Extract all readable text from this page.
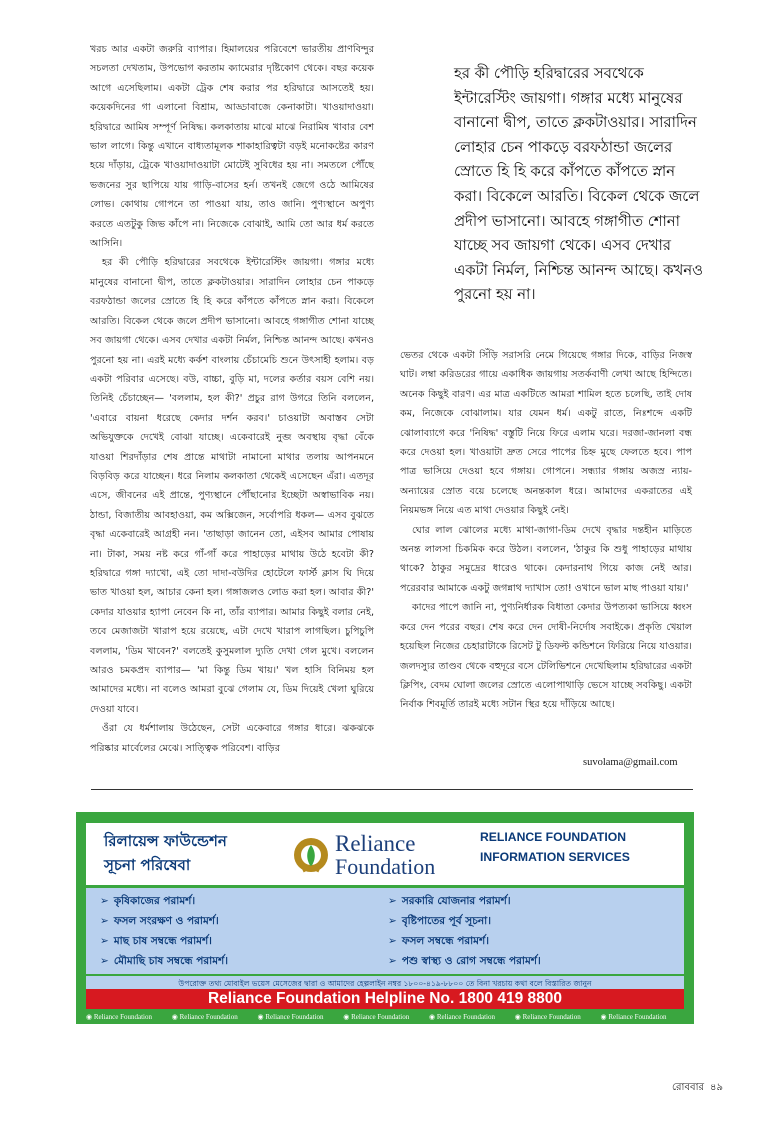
খরচ আর একটা জরুরি ব্যাপার। হিমালয়ের পরিবেশে ভারতীয় প্রাণবিন্দুর সচলতা দেখতাম, উপভোগ করতাম ক্যামেরার দৃষ্টিকোণ থেকে। বছর কয়েক আগে এসেছিলাম। একটা ট্রেক শেষ করার পর হরিদ্বারে আসতেই হয়। কয়েকদিনের গা এলানো বিশ্রাম, আড্ডাবাজে কেনাকাটা। খাওয়াদাওয়া। হরিদ্বারে আমিষ সম্পূর্ণ নিষিদ্ধ। কলকাতায় মাঝে মাঝে নিরামিষ খাবার বেশ ভাল লাগে। কিন্তু এখানে বাধ্যতামূলক শাকাহারিত্বটা বড়ই মনোকষ্টের কারণ হয়ে দাঁড়ায়, ট্রেকে খাওয়াদাওয়াটা মোটেই সুবিধের হয় না। সমতলে পৌঁছে ভজনের সুর ছাপিয়ে যায় গাড়ি-বাসের হর্ন। তখনই জেগে ওঠে আমিষের লোভ। কোথায় গোপনে তা পাওয়া যায়, তাও জানি। পুণ্যস্থানে অপুণ্য করতে এতটুকু জিভ কাঁপে না। নিজেকে বোঝাই, আমি তো আর ধর্ম করতে আসিনি।

হর কী পৌড়ি হরিদ্বারের সবথেকে ইন্টারেস্টিং জায়গা। গঙ্গার মধ্যে মানুষের বানানো দ্বীপ, তাতে ক্লকটাওয়ার। সারাদিন লোহার চেন পাকড়ে বরফঠান্ডা জলের স্রোতে হি হি করে কাঁপতে কাঁপতে স্নান করা। বিকেলে আরতি। বিকেল থেকে জলে প্রদীপ ভাসানো। আবহে গঙ্গাগীত শোনা যাচ্ছে সব জায়গা থেকে। এসব দেখার একটা নির্মল, নিশ্চিন্ত আনন্দ আছে। কখনও পুরনো হয় না। এরই মধ্যে কর্কশ বাংলায় চেঁচামেচি শুনে উৎসাহী হলাম। বড় একটা পরিবার এসেছে। বউ, বাচ্চা, বুড়ি মা, দলের কর্তার বয়স বেশি নয়। তিনিই চেঁচাচ্ছেন— 'বললাম, হল কী?' প্রচুর রাগ উগরে তিনি বললেন, 'এবারে বায়না ধরেছে কেদার দর্শন করব।' চাওয়াটা অবাস্তব সেটা অভিযুক্তকে দেখেই বোঝা যাচ্ছে। একেবারেই নুব্জ অবস্থায় বৃদ্ধা বেঁকে যাওয়া শিরদাঁড়ার শেষ প্রান্তে মাথাটা নামানো মাথার তলায় আপনমনে বিড়বিড় করে যাচ্ছেন। ধরে নিলাম কলকাতা থেকেই এসেছেন এঁরা। এতদূর এসে, জীবনের এই প্রান্তে, পুণ্যস্থানে পৌঁছানোর ইচ্ছেটা অস্বাভাবিক নয়। ঠান্ডা, বিজাতীয় আবহাওয়া, কম অক্সিজেন, সর্বোপরি ধকল— এসব বুঝতে বৃদ্ধা একেবারেই আগ্রহী নন। 'তাছাড়া জানেন তো, এইসব আমার পোষায় না। টাকা, সময় নষ্ট করে গাঁ-গাঁ করে পাহাড়ের মাথায় উঠে হবেটা কী? হরিদ্বারে গঙ্গা দ্যাখো, এই তো দাদা-বউদির হোটেলে ফার্স্ট ক্লাস ঘি দিয়ে ভাত খাওয়া হল, আচার কেনা হল। গঙ্গাজলও লোড করা হল। আবার কী?' কেদার যাওয়ার হ্যাপা নেবেন কি না, তাঁর ব্যাপার। আমার কিছুই বলার নেই, তবে মেজাজটা খারাপ হয়ে রয়েছে, এটা দেখে খারাপ লাগছিল। চুপিচুপি বললাম, 'ডিম খাবেন?' বলতেই কুসুমলাল দ্যুতি দেখা গেল মুখে। বললেন আরও চমকপ্রদ ব্যাপার— 'মা কিন্তু ডিম খায়।' খল হাসি বিনিময় হল আমাদের মধ্যে। না বলেও আমরা বুঝে গেলাম যে, ডিম দিয়েই খেলা ঘুরিয়ে দেওয়া যাবে।

ওঁরা যে ধর্মশালায় উঠেছেন, সেটা একেবারে গঙ্গার ধারে। ঝকঝকে পরিষ্কার মার্বেলের মেঝে। সাত্ত্বিক পরিবেশ। বাড়ির

হর কী পৌড়ি হরিদ্বারের সবথেকে ইন্টারেস্টিং জায়গা। গঙ্গার মধ্যে মানুষের বানানো দ্বীপ, তাতে ক্লকটাওয়ার। সারাদিন লোহার চেন পাকড়ে বরফঠান্ডা জলের স্রোতে হি হি করে কাঁপতে কাঁপতে স্নান করা। বিকেলে আরতি। বিকেল থেকে জলে প্রদীপ ভাসানো। আবহে গঙ্গাগীত শোনা যাচ্ছে সব জায়গা থেকে। এসব দেখার একটা নির্মল, নিশ্চিন্ত আনন্দ আছে। কখনও পুরনো হয় না।

ভেতর থেকে একটা সিঁড়ি সরাসরি নেমে গিয়েছে গঙ্গার দিকে, বাড়ির নিজস্ব ঘাট। লম্বা করিডরের গায়ে একাধিক জায়গায় সতর্কবাণী লেখা আছে হিন্দিতে। অনেক কিছুই বারণ। এর মাত্র একটিতে আমরা শামিল হতে চলেছি, তাই দোষ কম, নিজেকে বোঝালাম। যার যেমন ধর্ম। একটু রাতে, নিঃশব্দে একটি ঝোলাব্যাগে করে 'নিষিদ্ধ' বস্তুটি নিয়ে ফিরে এলাম ঘরে। দরজা-জানলা বন্ধ করে দেওয়া হল। খাওয়াটা দ্রুত সেরে পাপের চিহ্ন মুছে ফেলতে হবে। পাপ পাত্র ভাসিয়ে দেওয়া হবে গঙ্গায়। গোপনে। সন্ধ্যার গঙ্গায় অজস্র ন্যায়-অন্যায়ের স্রোত বয়ে চলেছে অনন্তকাল ধরে। আমাদের একরাতের এই নিয়মভঙ্গ নিয়ে এত মাথা দেওয়ার কিছুই নেই।

ঘোর লাল ঝোলের মধ্যে মাথা-জাগা-ডিম দেখে বৃদ্ধার দন্তহীন মাড়িতে অনন্ত লালসা চিকমিক করে উঠল। বললেন, 'ঠাকুর কি শুধু পাহাড়ের মাথায় থাকে? ঠাকুর সমুদ্রের ধারেও থাকে। কেদারনাথ গিয়ে কাজ নেই আর। পরেরবার আমাকে একটু জগন্নাথ দ্যাখাস তো! ওখানে ভাল মাছ পাওয়া যায়।'

কাদের পাপে জানি না, পুণ্যনির্ধারক বিধাতা কেদার উপত্যকা ভাসিয়ে ধ্বংস করে দেন পরের বছর। শেষ করে দেন দোষী-নির্দোষ সবাইকে। প্রকৃতি খেয়াল হয়েছিল নিজের চেহারাটাকে রিসেট টু ডিফল্ট কন্ডিশনে ফিরিয়ে নিয়ে যাওয়ার। জলদস্যুর তাণ্ডব থেকে বহুদূরে বসে টেলিভিশনে দেখেছিলাম হরিদ্বারের একটা ক্লিপিং, বেদম ঘোলা জলের স্রোতে এলোপাথাড়ি ভেসে যাচ্ছে সবকিছু। একটা নির্বাক শিবমূর্তি তারই মধ্যে সটান স্থির হয়ে দাঁড়িয়ে আছে।

suvolama@gmail.com
রিলায়েন্স ফাউন্ডেশন
সূচনা পরিষেবা
Reliance
Foundation
RELIANCE FOUNDATION
INFORMATION SERVICES
➢ কৃষিকাজের পরামর্শ।
➢ ফসল সংরক্ষণ ও পরামর্শ।
➢ মাছ চাষ সম্বন্ধে পরামর্শ।
➢ মৌমাছি চাষ সম্বন্ধে পরামর্শ।
➢ সরকারি যোজনার পরামর্শ।
➢ বৃষ্টিপাতের পূর্ব সূচনা।
➢ ফসল সম্বন্ধে পরামর্শ।
➢ পশু স্বাস্থ্য ও রোগ সম্বন্ধে পরামর্শ।
উপরোক্ত তথ্য মোবাইল ভয়েস মেসেজের দ্বারা ও আমাদের হেল্পলাইন নম্বর ১৮০০-৪১৯-৮৮০০ তে বিনা খরচায় কথা বলে বিস্তারিত জানুন
Reliance Foundation Helpline No. 1800 419 8800
◉ Reliance Foundation	◉ Reliance Foundation	◉ Reliance Foundation	◉ Reliance Foundation	◉ Reliance Foundation	◉ Reliance Foundation	◉ Reliance Foundation
রোববার ৪৯
